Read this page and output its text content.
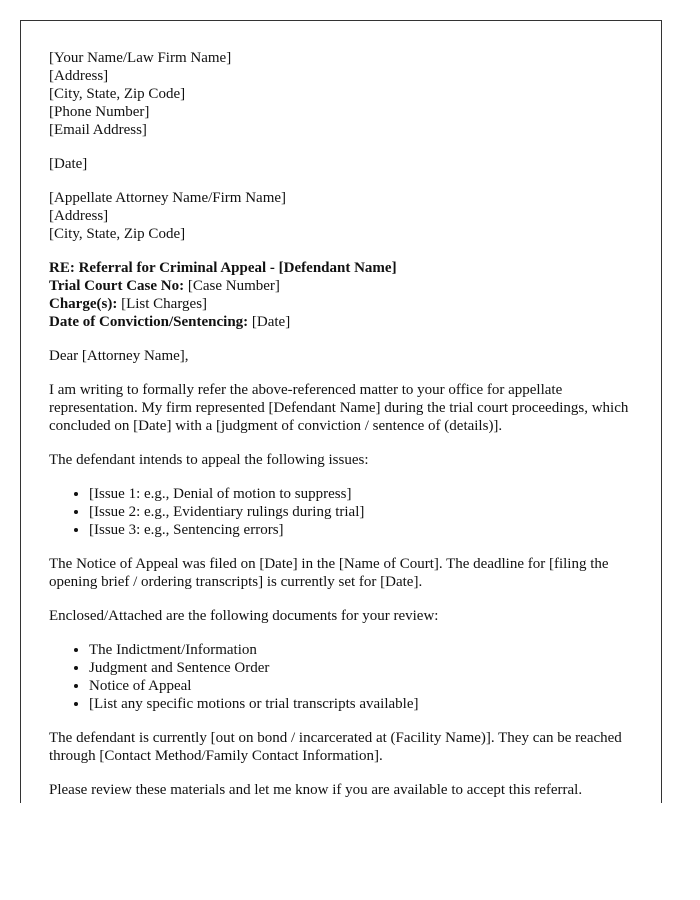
[Your Name/Law Firm Name]
[Address]
[City, State, Zip Code]
[Phone Number]
[Email Address]
[Date]
[Appellate Attorney Name/Firm Name]
[Address]
[City, State, Zip Code]
RE: Referral for Criminal Appeal - [Defendant Name]
Trial Court Case No: [Case Number]
Charge(s): [List Charges]
Date of Conviction/Sentencing: [Date]
Dear [Attorney Name],
I am writing to formally refer the above-referenced matter to your office for appellate representation. My firm represented [Defendant Name] during the trial court proceedings, which concluded on [Date] with a [judgment of conviction / sentence of (details)].
The defendant intends to appeal the following issues:
• [Issue 1: e.g., Denial of motion to suppress]
• [Issue 2: e.g., Evidentiary rulings during trial]
• [Issue 3: e.g., Sentencing errors]
The Notice of Appeal was filed on [Date] in the [Name of Court]. The deadline for [filing the opening brief / ordering transcripts] is currently set for [Date].
Enclosed/Attached are the following documents for your review:
• The Indictment/Information
• Judgment and Sentence Order
• Notice of Appeal
• [List any specific motions or trial transcripts available]
The defendant is currently [out on bond / incarcerated at (Facility Name)]. They can be reached through [Contact Method/Family Contact Information].
Please review these materials and let me know if you are available to accept this referral.
